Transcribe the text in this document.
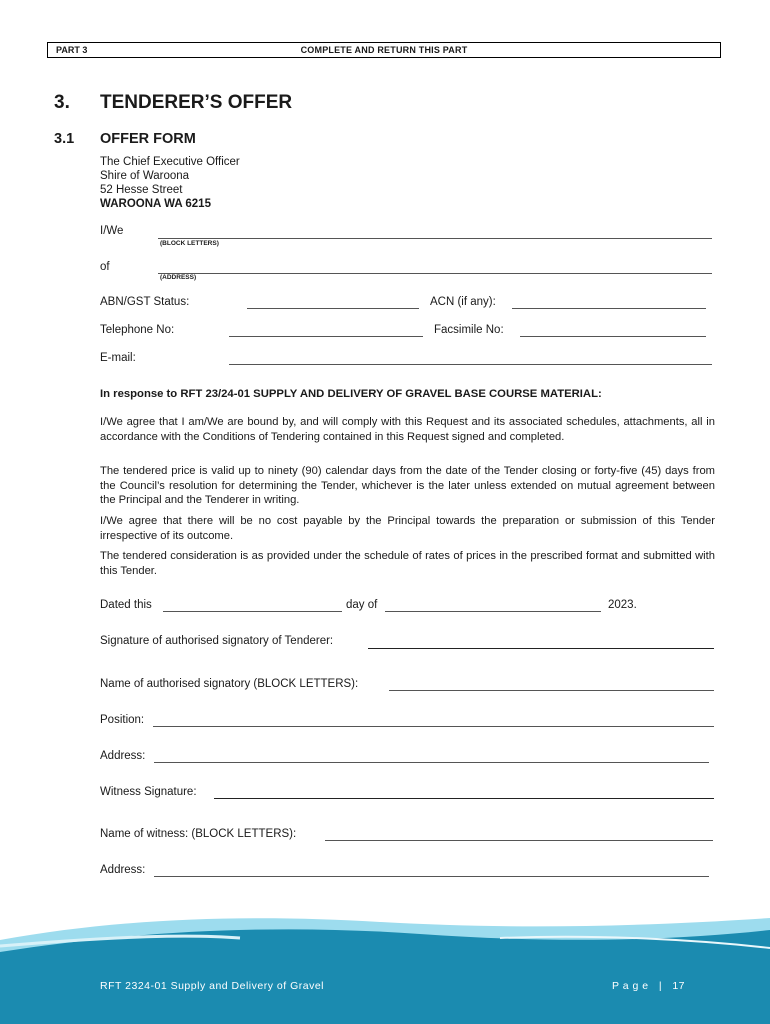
PART 3	COMPLETE AND RETURN THIS PART
3. TENDERER’S OFFER
3.1 OFFER FORM
The Chief Executive Officer
Shire of Waroona
52 Hesse Street
WAROONA WA 6215
I/We
(BLOCK LETTERS)
of
(ADDRESS)
ABN/GST Status:	ACN (if any):
Telephone No:	Facsimile No:
E-mail:
In response to RFT 23/24-01 SUPPLY AND DELIVERY OF GRAVEL BASE COURSE MATERIAL:
I/We agree that I am/We are bound by, and will comply with this Request and its associated schedules, attachments, all in accordance with the Conditions of Tendering contained in this Request signed and completed.
The tendered price is valid up to ninety (90) calendar days from the date of the Tender closing or forty-five (45) days from the Council’s resolution for determining the Tender, whichever is the later unless extended on mutual agreement between the Principal and the Tenderer in writing.
I/We agree that there will be no cost payable by the Principal towards the preparation or submission of this Tender irrespective of its outcome.
The tendered consideration is as provided under the schedule of rates of prices in the prescribed format and submitted with this Tender.
Dated this	day of	2023.
Signature of authorised signatory of Tenderer:
Name of authorised signatory (BLOCK LETTERS):
Position:
Address:
Witness Signature:
Name of witness: (BLOCK LETTERS):
Address:
RFT 2324-01 Supply and Delivery of Gravel	P a g e   |   17
